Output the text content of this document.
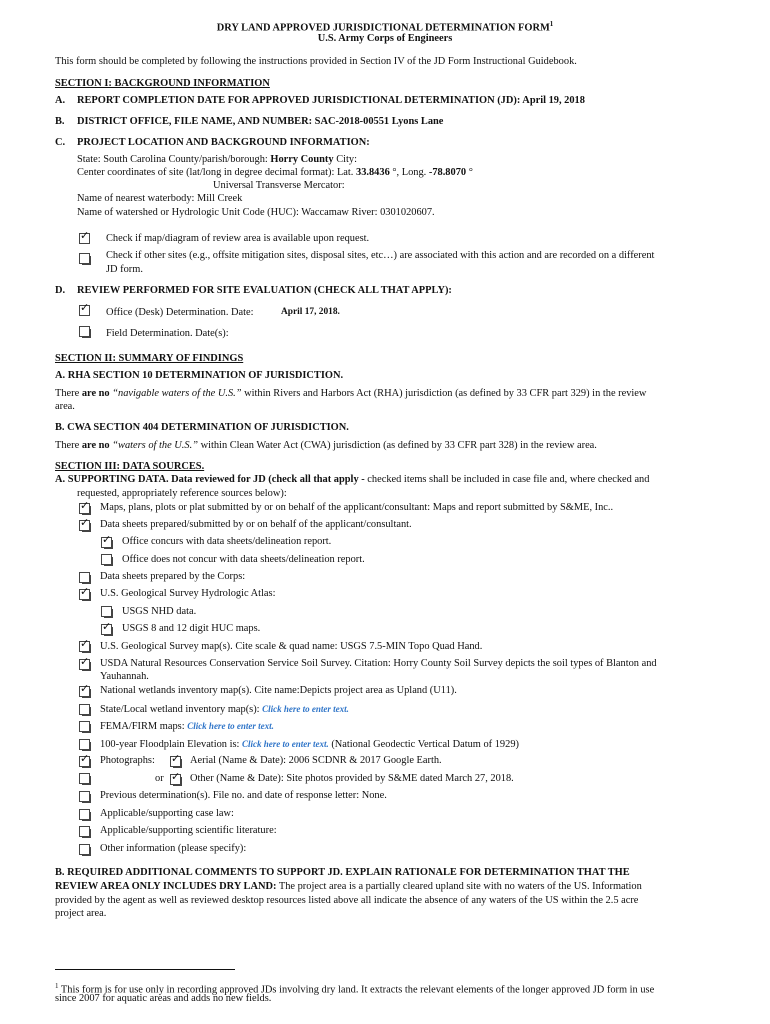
DRY LAND APPROVED JURISDICTIONAL DETERMINATION FORM$^1$
U.S. Army Corps of Engineers
This form should be completed by following the instructions provided in Section IV of the JD Form Instructional Guidebook.
SECTION I: BACKGROUND INFORMATION
A. REPORT COMPLETION DATE FOR APPROVED JURISDICTIONAL DETERMINATION (JD): April 19, 2018
B. DISTRICT OFFICE, FILE NAME, AND NUMBER: SAC-2018-00551 Lyons Lane
C. PROJECT LOCATION AND BACKGROUND INFORMATION:
State: South Carolina County/parish/borough: Horry County City:
Center coordinates of site (lat/long in degree decimal format): Lat. 33.8436 °, Long. -78.8070 °
Universal Transverse Mercator:
Name of nearest waterbody: Mill Creek
Name of watershed or Hydrologic Unit Code (HUC): Waccamaw River: 0301020607.
✓ Check if map/diagram of review area is available upon request.
Check if other sites (e.g., offsite mitigation sites, disposal sites, etc…) are associated with this action and are recorded on a different
JD form.
D. REVIEW PERFORMED FOR SITE EVALUATION (CHECK ALL THAT APPLY):
✓ Office (Desk) Determination. Date:	April 17, 2018.
Field Determination. Date(s):
SECTION II: SUMMARY OF FINDINGS
A. RHA SECTION 10 DETERMINATION OF JURISDICTION.
There are no “navigable waters of the U.S.” within Rivers and Harbors Act (RHA) jurisdiction (as defined by 33 CFR part 329) in the review
area.
B. CWA SECTION 404 DETERMINATION OF JURISDICTION.
There are no “waters of the U.S.” within Clean Water Act (CWA) jurisdiction (as defined by 33 CFR part 328) in the review area.
SECTION III: DATA SOURCES.
A. SUPPORTING DATA. Data reviewed for JD (check all that apply - checked items shall be included in case file and, where checked and
requested, appropriately reference sources below):
✓ Maps, plans, plots or plat submitted by or on behalf of the applicant/consultant: Maps and report submitted by S&ME, Inc..
✓ Data sheets prepared/submitted by or on behalf of the applicant/consultant.
✓ Office concurs with data sheets/delineation report.
Office does not concur with data sheets/delineation report.
Data sheets prepared by the Corps:
✓ U.S. Geological Survey Hydrologic Atlas:
USGS NHD data.
✓ USGS 8 and 12 digit HUC maps.
✓ U.S. Geological Survey map(s). Cite scale & quad name: USGS 7.5-MIN Topo Quad Hand.
✓ USDA Natural Resources Conservation Service Soil Survey. Citation: Horry County Soil Survey depicts the soil types of Blanton and
Yauhannah.
✓ National wetlands inventory map(s). Cite name:Depicts project area as Upland (U11).
State/Local wetland inventory map(s): Click here to enter text.
FEMA/FIRM maps: Click here to enter text.
100-year Floodplain Elevation is: Click here to enter text. (National Geodectic Vertical Datum of 1929)
✓ Photographs: ✓ Aerial (Name & Date): 2006 SCDNR & 2017 Google Earth.
or ✓ Other (Name & Date): Site photos provided by S&ME dated March 27, 2018.
Previous determination(s). File no. and date of response letter: None.
Applicable/supporting case law:
Applicable/supporting scientific literature:
Other information (please specify):
B. REQUIRED ADDITIONAL COMMENTS TO SUPPORT JD. EXPLAIN RATIONALE FOR DETERMINATION THAT THE
REVIEW AREA ONLY INCLUDES DRY LAND: The project area is a partially cleared upland site with no waters of the US. Information
provided by the agent as well as reviewed desktop resources listed above all indicate the absence of any waters of the US within the 2.5 acre
project area.
$^1$ This form is for use only in recording approved JDs involving dry land. It extracts the relevant elements of the longer approved JD form in use
since 2007 for aquatic areas and adds no new fields.
